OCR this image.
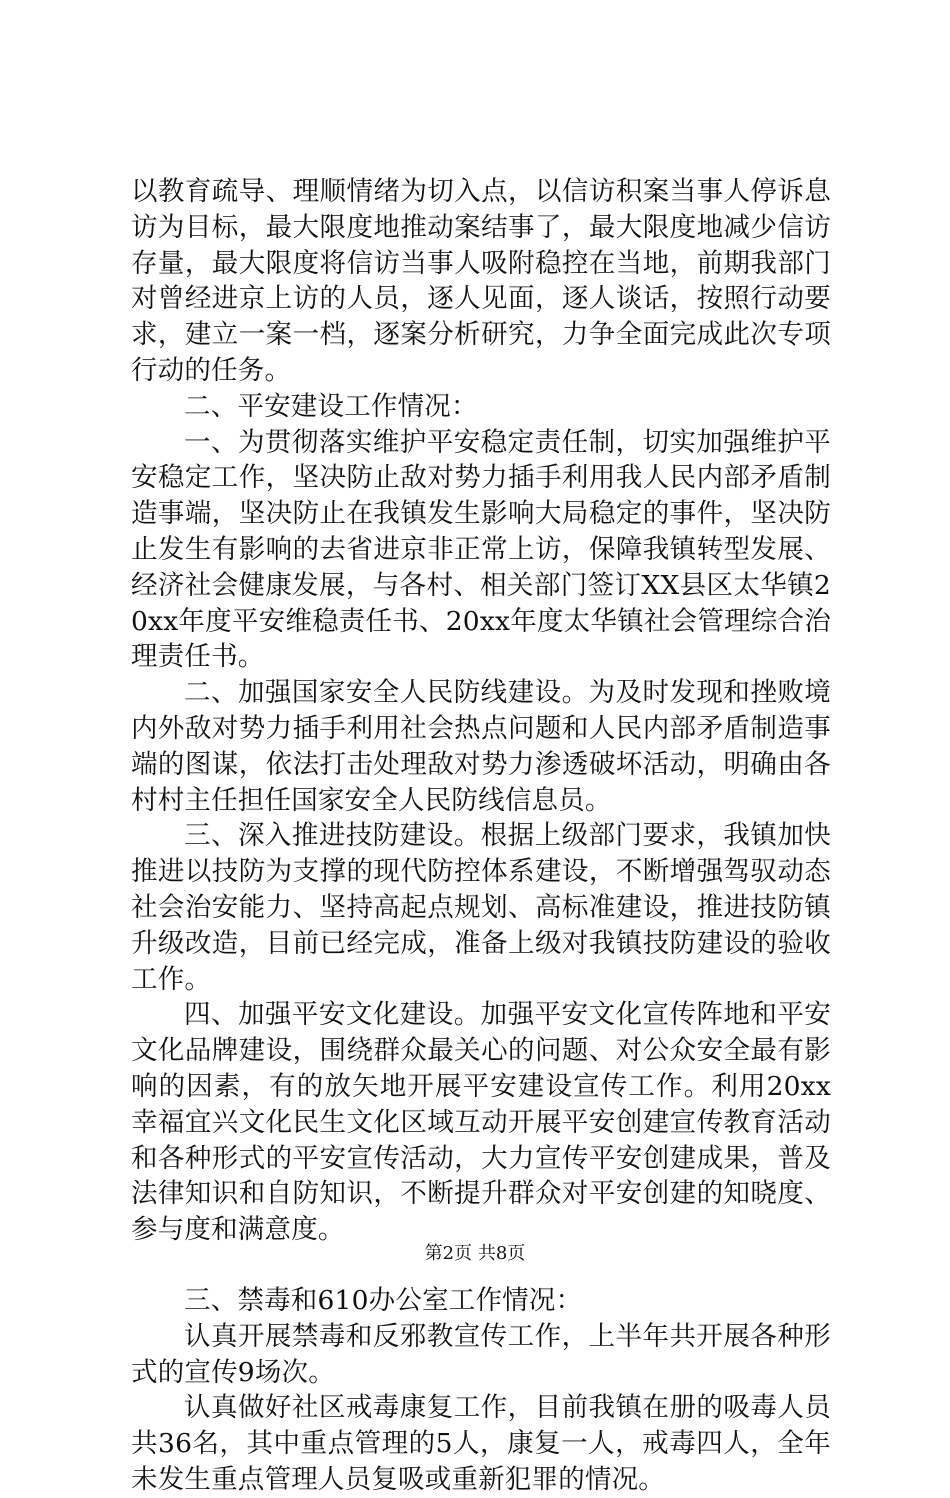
以教育疏导、理顺情绪为切入点，以信访积案当事人停诉息访为目标，最大限度地推动案结事了，最大限度地减少信访存量，最大限度将信访当事人吸附稳控在当地，前期我部门对曾经进京上访的人员，逐人见面，逐人谈话，按照行动要求，建立一案一档，逐案分析研究，力争全面完成此次专项行动的任务。

二、平安建设工作情况：

一、为贯彻落实维护平安稳定责任制，切实加强维护平安稳定工作，坚决防止敌对势力插手利用我人民内部矛盾制造事端，坚决防止在我镇发生影响大局稳定的事件，坚决防止发生有影响的去省进京非正常上访，保障我镇转型发展、经济社会健康发展，与各村、相关部门签订XX县区太华镇20xx年度平安维稳责任书、20xx年度太华镇社会管理综合治理责任书。

二、加强国家安全人民防线建设。为及时发现和挫败境内外敌对势力插手利用社会热点问题和人民内部矛盾制造事端的图谋，依法打击处理敌对势力渗透破坏活动，明确由各村村主任担任国家安全人民防线信息员。

三、深入推进技防建设。根据上级部门要求，我镇加快推进以技防为支撑的现代防控体系建设，不断增强驾驭动态社会治安能力、坚持高起点规划、高标准建设，推进技防镇升级改造，目前已经完成，准备上级对我镇技防建设的验收工作。

四、加强平安文化建设。加强平安文化宣传阵地和平安文化品牌建设，围绕群众最关心的问题、对公众安全最有影响的因素，有的放矢地开展平安建设宣传工作。利用20xx幸福宜兴文化民生文化区域互动开展平安创建宣传教育活动和各种形式的平安宣传活动，大力宣传平安创建成果，普及法律知识和自防知识，不断提升群众对平安创建的知晓度、参与度和满意度。

三、禁毒和610办公室工作情况：

认真开展禁毒和反邪教宣传工作，上半年共开展各种形式的宣传9场次。

认真做好社区戒毒康复工作，目前我镇在册的吸毒人员共36名，其中重点管理的5人，康复一人，戒毒四人，全年未发生重点管理人员复吸或重新犯罪的情况。

第2页 共8页
